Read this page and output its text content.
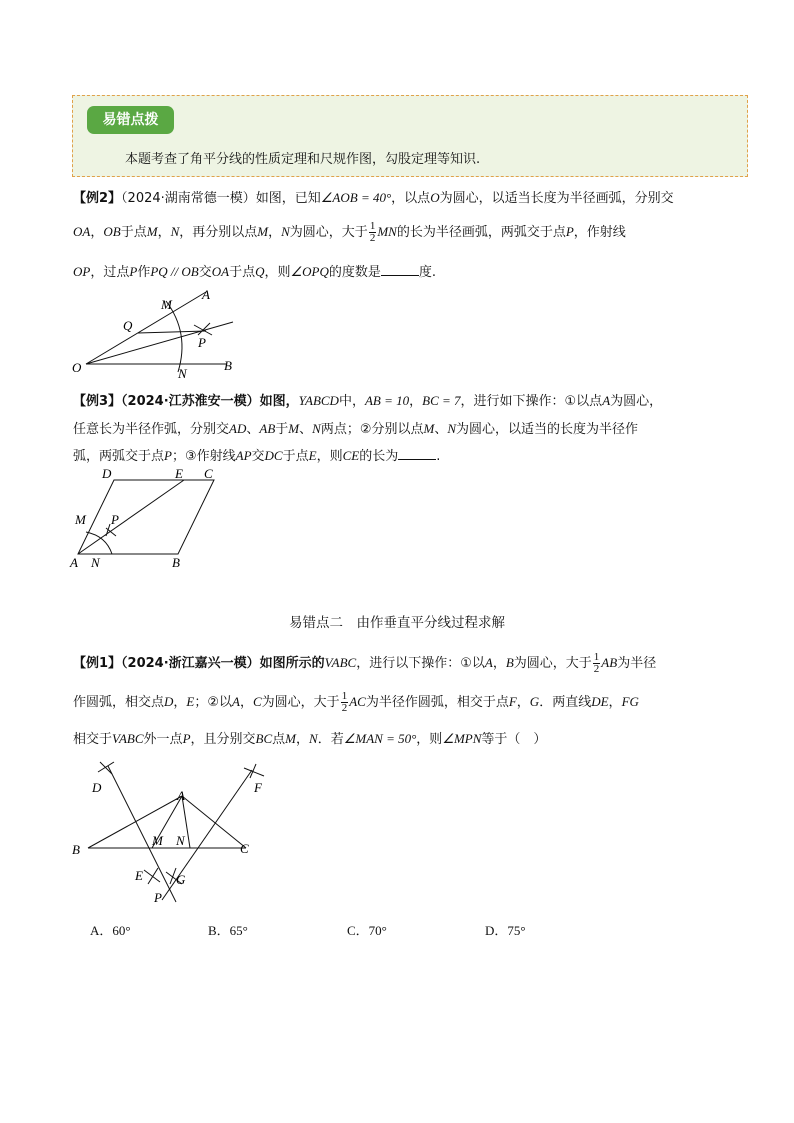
易错点拨
本题考查了角平分线的性质定理和尺规作图，勾股定理等知识.
【例2】（2024·湖南常德一模）如图，已知∠AOB = 40°，以点O为圆心，以适当长度为半径画弧，分别交
OA，OB于点M，N，再分别以点M，N为圆心，大于 $\frac{1}{2}$ MN的长为半径画弧，两弧交于点P，作射线
OP，过点P作PQ // OB交OA于点Q，则∠OPQ的度数是	度.
M
A
Q
P
O	N
B
【例3】（2024·江苏淮安一模）如图，YABCD中，AB = 10，BC = 7，进行如下操作：①以点A为圆心，
任意长为半径作弧，分别交AD、AB于M、N两点；②分别以点M、N为圆心，以适当的长度为半径作
弧，两弧交于点P；③作射线AP交DC于点E，则CE的长为	.
D	E C
M P
A N	B
易错点二　由作垂直平分线过程求解
【例1】（2024·浙江嘉兴一模）如图所示的VABC，进行以下操作：①以A，B为圆心，大于 $\frac{1}{2}$ AB为半径
作圆弧，相交点D，E；②以A，C为圆心，大于 $\frac{1}{2}$ AC为半径作圆弧，相交于点F，G．两直线DE，FG
相交于VABC外一点P，且分别交BC点M，N．若∠MAN = 50°，则∠MPN等于（　）
D
A
F
B
M N
C
E	G
P
A．60°	B．65°	C．70°	D．75°
